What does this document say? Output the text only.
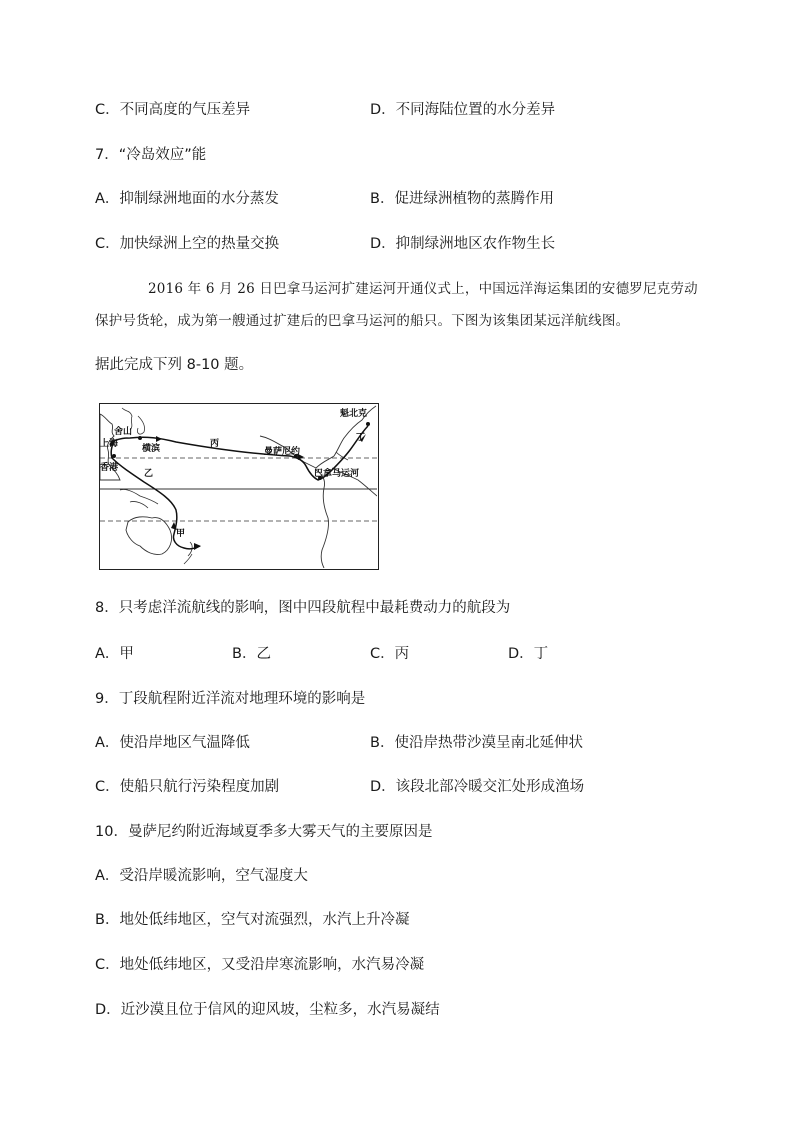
C．不同高度的气压差异	D．不同海陆位置的水分差异
7．“冷岛效应”能
A．抑制绿洲地面的水分蒸发	B．促进绿洲植物的蒸腾作用
C．加快绿洲上空的热量交换	D．抑制绿洲地区农作物生长
2016 年 6 月 26 日巴拿马运河扩建运河开通仪式上，中国远洋海运集团的安德罗尼克劳动
保护号货轮，成为第一艘通过扩建后的巴拿马运河的船只。下图为该集团某远洋航线图。
据此完成下列 8-10 题。
魁北克
舍山
上海	横滨	丙
曼萨尼约
丁
香港
乙	巴拿马运河
甲
8．只考虑洋流航线的影响，图中四段航程中最耗费动力的航段为
A．甲	B．乙	C．丙	D．丁
9．丁段航程附近洋流对地理环境的影响是
A．使沿岸地区气温降低	B．使沿岸热带沙漠呈南北延伸状
C．使船只航行污染程度加剧	D．该段北部冷暖交汇处形成渔场
10．曼萨尼约附近海域夏季多大雾天气的主要原因是
A．受沿岸暖流影响，空气湿度大
B．地处低纬地区，空气对流强烈，水汽上升冷凝
C．地处低纬地区，又受沿岸寒流影响，水汽易冷凝
D．近沙漠且位于信风的迎风坡，尘粒多，水汽易凝结
